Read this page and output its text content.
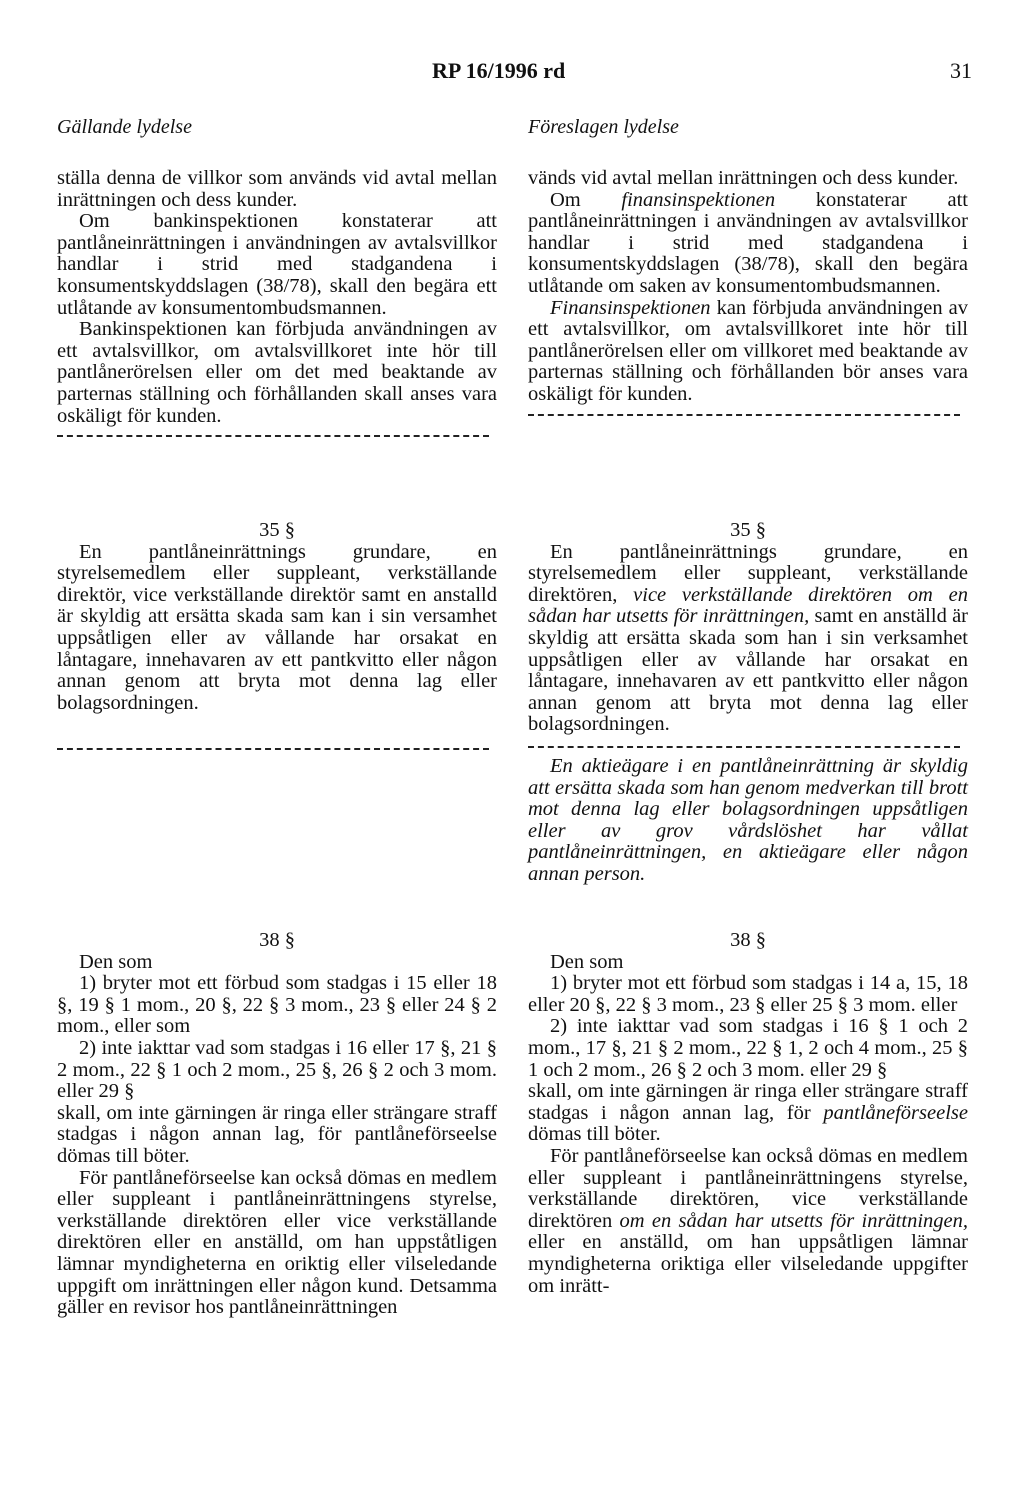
RP 16/1996 rd	31
Gällande lydelse	Föreslagen lydelse

ställa denna de villkor som används vid avtal mellan inrättningen och dess kunder.

Om bankinspektionen konstaterar att pantlåneinrättningen i användningen av avtalsvillkor handlar i strid med stadgandena i konsumentskyddslagen (38/78), skall den begära ett utlåtande av konsumentombudsmannen.

Bankinspektionen kan förbjuda användningen av ett avtalsvillkor, om avtalsvillkoret inte hör till pantlånerörelsen eller om det med beaktande av parternas ställning och förhållanden skall anses vara oskäligt för kunden.

35 §

En pantlåneinrättnings grundare, en styrelsemedlem eller suppleant, verkställande direktör, vice verkställande direktör samt en anstalld är skyldig att ersätta skada sam kan i sin versamhet uppsåtligen eller av vållande har orsakat en låntagare, innehavaren av ett pantkvitto eller någon annan genom att bryta mot denna lag eller bolagsordningen.

38 §

Den som

1) bryter mot ett förbud som stadgas i 15 eller 18 §, 19 § 1 mom., 20 §, 22 § 3 mom., 23 § eller 24 § 2 mom., eller som

2) inte iakttar vad som stadgas i 16 eller 17 §, 21 § 2 mom., 22 § 1 och 2 mom., 25 §, 26 § 2 och 3 mom. eller 29 §

skall, om inte gärningen är ringa eller strängare straff stadgas i någon annan lag, för pantlåneförseelse dömas till böter.

För pantlåneförseelse kan också dömas en medlem eller suppleant i pantlåneinrättningens styrelse, verkställande direktören eller vice verkställande direktören eller en anställd, om han uppståtligen lämnar myndigheterna en oriktig eller vilseledande uppgift om inrättningen eller någon kund. Detsamma gäller en revisor hos pantlåneinrättningen

vänds vid avtal mellan inrättningen och dess kunder.

Om finansinspektionen konstaterar att pantlåneinrättningen i användningen av avtalsvillkor handlar i strid med stadgandena i konsumentskyddslagen (38/78), skall den begära utlåtande om saken av konsumentombudsmannen.

Finansinspektionen kan förbjuda användningen av ett avtalsvillkor, om avtalsvillkoret inte hör till pantlånerörelsen eller om villkoret med beaktande av parternas ställning och förhållanden bör anses vara oskäligt för kunden.

35 §

En pantlåneinrättnings grundare, en styrelsemedlem eller suppleant, verkställande direktören, vice verkställande direktören om en sådan har utsetts för inrättningen, samt en anställd är skyldig att ersätta skada som han i sin verksamhet uppsåtligen eller av vållande har orsakat en låntagare, innehavaren av ett pantkvitto eller någon annan genom att bryta mot denna lag eller bolagsordningen.

En aktieägare i en pantlåneinrättning är skyldig att ersätta skada som han genom medverkan till brott mot denna lag eller bolagsordningen uppsåtligen eller av grov vårdslöshet har vållat pantlåneinrättningen, en aktieägare eller någon annan person.

38 §

Den som

1) bryter mot ett förbud som stadgas i 14 a, 15, 18 eller 20 §, 22 § 3 mom., 23 § eller 25 § 3 mom. eller

2) inte iakttar vad som stadgas i 16 § 1 och 2 mom., 17 §, 21 § 2 mom., 22 § 1, 2 och 4 mom., 25 § 1 och 2 mom., 26 § 2 och 3 mom. eller 29 §

skall, om inte gärningen är ringa eller strängare straff stadgas i någon annan lag, för pantlåneförseelse dömas till böter.

För pantlåneförseelse kan också dömas en medlem eller suppleant i pantlåneinrättningens styrelse, verkställande direktören, vice verkställande direktören om en sådan har utsetts för inrättningen, eller en anställd, om han uppsåtligen lämnar myndigheterna oriktiga eller vilseledande uppgifter om inrätt-
